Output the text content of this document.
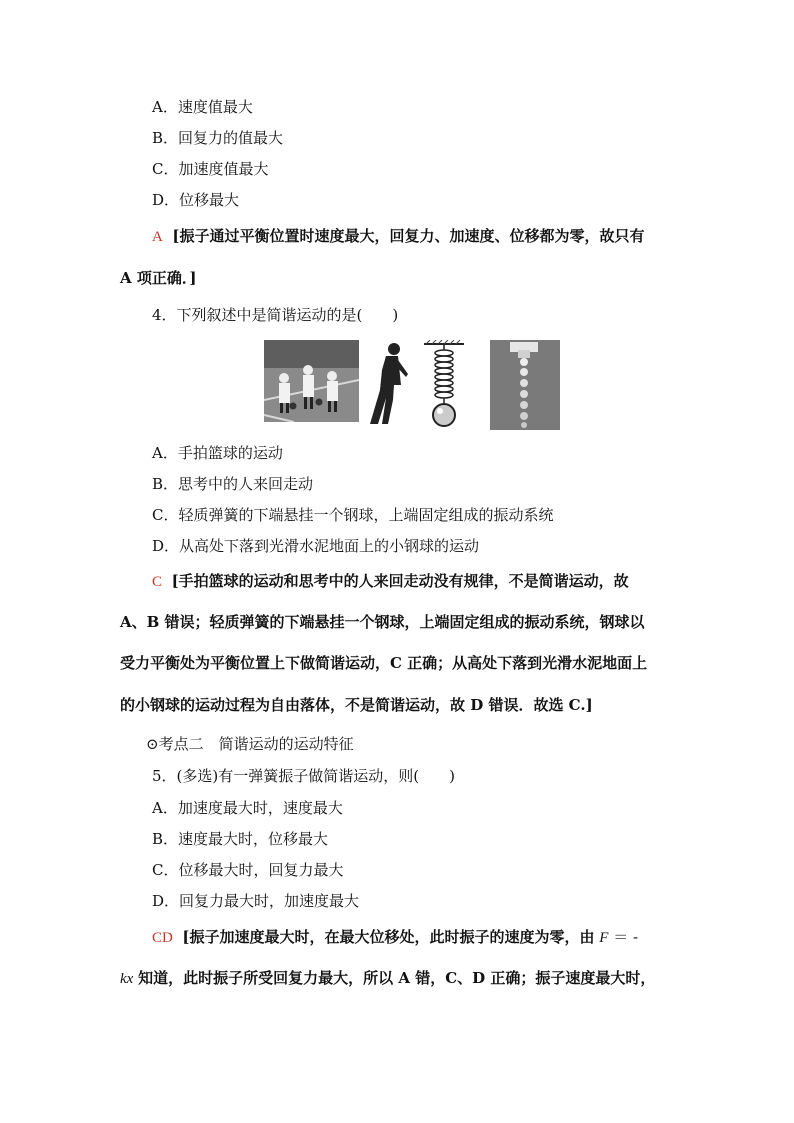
A．速度值最大
B．回复力的值最大
C．加速度值最大
D．位移最大
A [振子通过平衡位置时速度最大，回复力、加速度、位移都为零，故只有
A 项正确．]
4．下列叙述中是简谐运动的是(　　)
A．手拍篮球的运动
B．思考中的人来回走动
C．轻质弹簧的下端悬挂一个钢球，上端固定组成的振动系统
D．从高处下落到光滑水泥地面上的小钢球的运动
C [手拍篮球的运动和思考中的人来回走动没有规律，不是简谐运动，故
A、B 错误；轻质弹簧的下端悬挂一个钢球，上端固定组成的振动系统，钢球以
受力平衡处为平衡位置上下做简谐运动，C 正确；从高处下落到光滑水泥地面上
的小钢球的运动过程为自由落体，不是简谐运动，故 D 错误．故选 C.]
⊙考点二　简谐运动的运动特征
5．(多选)有一弹簧振子做简谐运动，则(　　)
A．加速度最大时，速度最大
B．速度最大时，位移最大
C．位移最大时，回复力最大
D．回复力最大时，加速度最大
CD [振子加速度最大时，在最大位移处，此时振子的速度为零，由 F ＝ -
kx 知道，此时振子所受回复力最大，所以 A 错，C、D 正确；振子速度最大时，
